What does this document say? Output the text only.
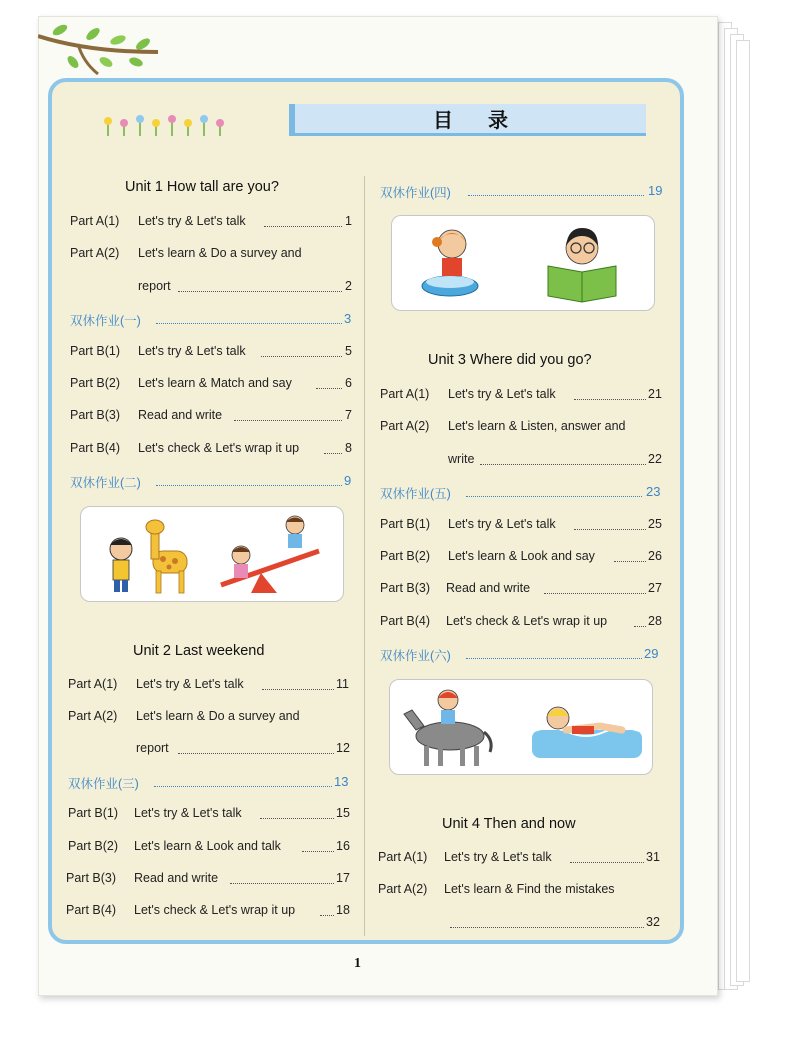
目 录
Unit 1 How tall are you?
Unit 2 Last weekend
Unit 3 Where did you go?
Unit 4 Then and now
Part A(1) Let's try & Let's talk	1
Part A(2) Let's learn & Do a survey and
report	2
双休作业(一)	3
Part B(1) Let's try & Let's talk	5
Part B(2) Let's learn & Match and say	6
Part B(3) Read and write	7
Part B(4) Let's check & Let's wrap it up	8
双休作业(二)	9
Part A(1) Let's try & Let's talk	11
Part A(2) Let's learn & Do a survey and
report	12
双休作业(三)	13
Part B(1) Let's try & Let's talk	15
Part B(2) Let's learn & Look and talk	16
Part B(3) Read and write	17
Part B(4) Let's check & Let's wrap it up	18
双休作业(四)	19
Part A(1) Let's try & Let's talk	21
Part A(2) Let's learn & Listen, answer and
write	22
双休作业(五)	23
Part B(1) Let's try & Let's talk	25
Part B(2) Let's learn & Look and say	26
Part B(3) Read and write	27
Part B(4) Let's check & Let's wrap it up	28
双休作业(六)	29
Part A(1) Let's try & Let's talk	31
Part A(2) Let's learn & Find the mistakes
32
1
